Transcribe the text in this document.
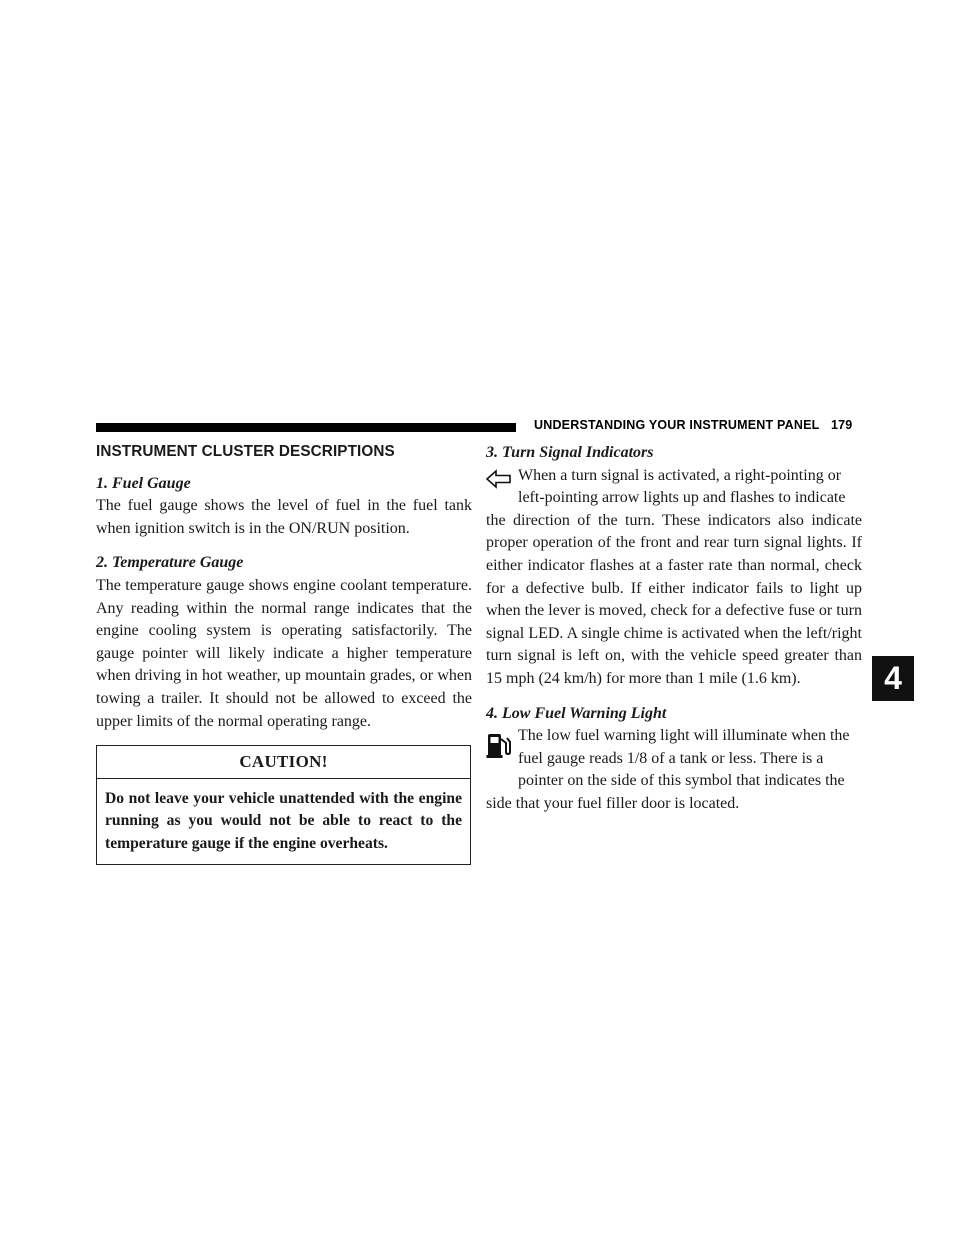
UNDERSTANDING YOUR INSTRUMENT PANEL 179
4
INSTRUMENT CLUSTER DESCRIPTIONS

1. Fuel Gauge

The fuel gauge shows the level of fuel in the fuel tank when ignition switch is in the ON/RUN position.

2. Temperature Gauge

The temperature gauge shows engine coolant temperature. Any reading within the normal range indicates that the engine cooling system is operating satisfactorily. The gauge pointer will likely indicate a higher temperature when driving in hot weather, up mountain grades, or when towing a trailer. It should not be allowed to exceed the upper limits of the normal operating range.

CAUTION!
Do not leave your vehicle unattended with the engine running as you would not be able to react to the temperature gauge if the engine overheats.

3. Turn Signal Indicators

When a turn signal is activated, a right-pointing or
left-pointing arrow lights up and flashes to indicate
the direction of the turn. These indicators also indicate proper operation of the front and rear turn signal lights. If either indicator flashes at a faster rate than normal, check for a defective bulb. If either indicator fails to light up when the lever is moved, check for a defective fuse or turn signal LED. A single chime is activated when the left/right turn signal is left on, with the vehicle speed greater than 15 mph (24 km/h) for more than 1 mile (1.6 km).

4. Low Fuel Warning Light

The low fuel warning light will illuminate when the
fuel gauge reads 1/8 of a tank or less. There is a
pointer on the side of this symbol that indicates the
side that your fuel filler door is located.
